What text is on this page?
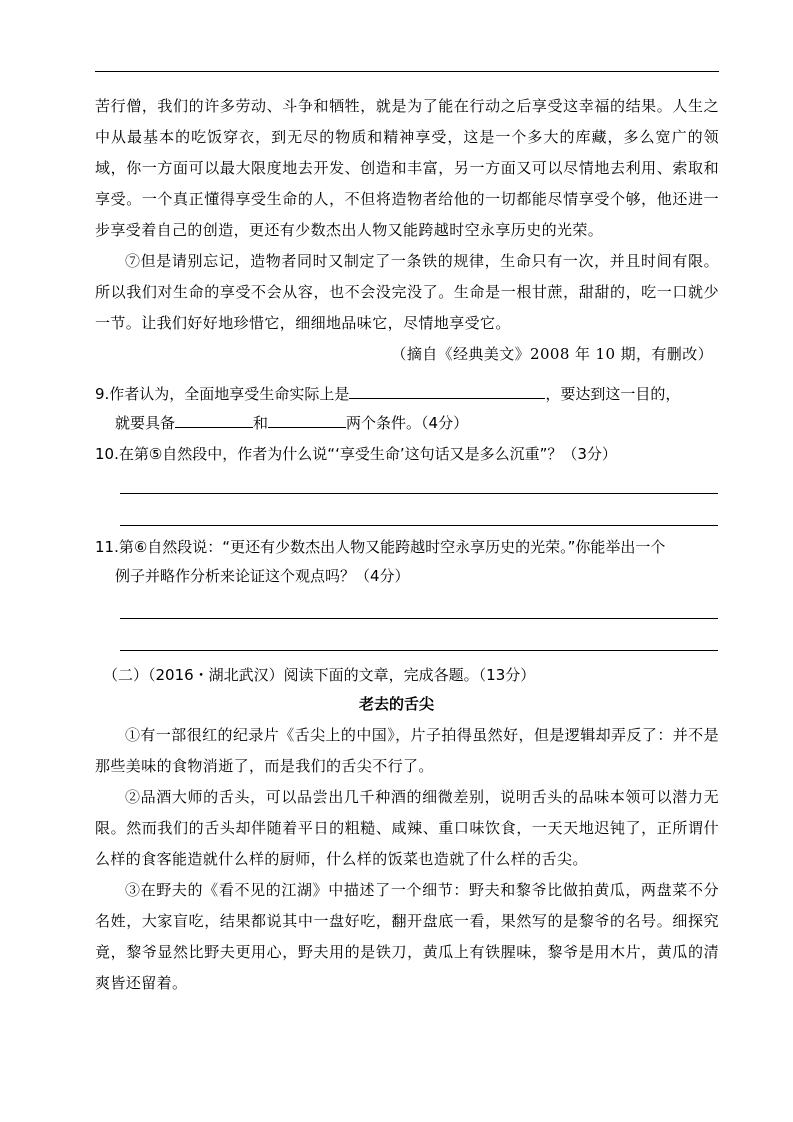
苦行僧，我们的许多劳动、斗争和牺牲，就是为了能在行动之后享受这幸福的结果。人生之中从最基本的吃饭穿衣，到无尽的物质和精神享受，这是一个多大的库藏，多么宽广的领域，你一方面可以最大限度地去开发、创造和丰富，另一方面又可以尽情地去利用、索取和享受。一个真正懂得享受生命的人，不但将造物者给他的一切都能尽情享受个够，他还进一步享受着自己的创造，更还有少数杰出人物又能跨越时空永享历史的光荣。

⑦但是请别忘记，造物者同时又制定了一条铁的规律，生命只有一次，并且时间有限。所以我们对生命的享受不会从容，也不会没完没了。生命是一根甘蔗，甜甜的，吃一口就少一节。让我们好好地珍惜它，细细地品味它，尽情地享受它。

（摘自《经典美文》2008 年 10 期，有删改）

9.作者认为，全面地享受生命实际上是	，要达到这一目的，
就要具备	和	两个条件。（4分）
10.在第⑤自然段中，作者为什么说“‘享受生命’这句话又是多么沉重”？（3分）
11.第⑥自然段说：“更还有少数杰出人物又能跨越时空永享历史的光荣。”你能举出一个
例子并略作分析来论证这个观点吗？（4分）
（二）（2016・湖北武汉）阅读下面的文章，完成各题。（13分）
老去的舌尖

①有一部很红的纪录片《舌尖上的中国》，片子拍得虽然好，但是逻辑却弄反了：并不是那些美味的食物消逝了，而是我们的舌尖不行了。

②品酒大师的舌头，可以品尝出几千种酒的细微差别，说明舌头的品味本领可以潜力无限。然而我们的舌头却伴随着平日的粗糙、咸辣、重口味饮食，一天天地迟钝了，正所谓什么样的食客能造就什么样的厨师，什么样的饭菜也造就了什么样的舌尖。

③在野夫的《看不见的江湖》中描述了一个细节：野夫和黎爷比做拍黄瓜，两盘菜不分名姓，大家盲吃，结果都说其中一盘好吃，翻开盘底一看，果然写的是黎爷的名号。细探究竟，黎爷显然比野夫更用心，野夫用的是铁刀，黄瓜上有铁腥味，黎爷是用木片，黄瓜的清爽皆还留着。
